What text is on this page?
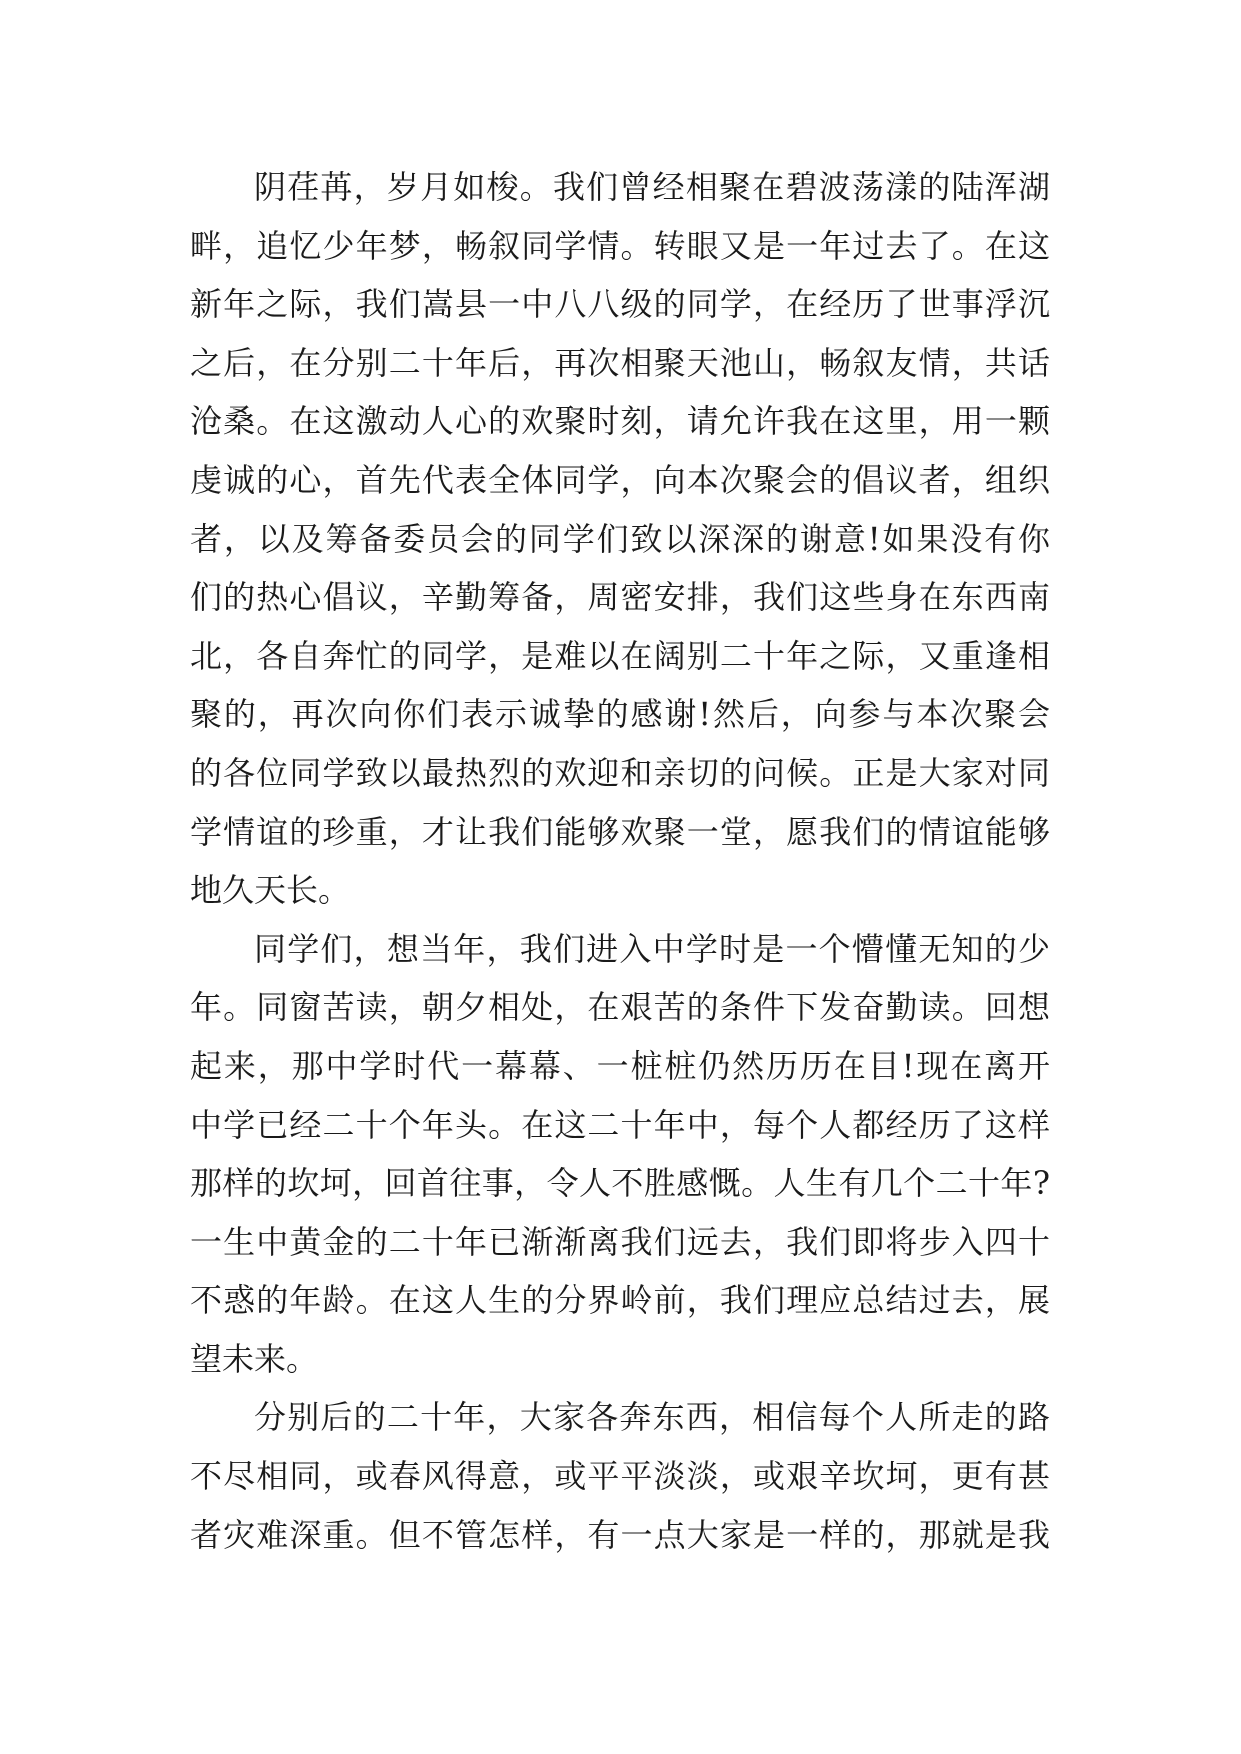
阴荏苒，岁月如梭。我们曾经相聚在碧波荡漾的陆浑湖
畔，追忆少年梦，畅叙同学情。转眼又是一年过去了。在这
新年之际，我们嵩县一中八八级的同学，在经历了世事浮沉
之后，在分别二十年后，再次相聚天池山，畅叙友情，共话
沧桑。在这激动人心的欢聚时刻，请允许我在这里，用一颗
虔诚的心，首先代表全体同学，向本次聚会的倡议者，组织
者，以及筹备委员会的同学们致以深深的谢意!如果没有你
们的热心倡议，辛勤筹备，周密安排，我们这些身在东西南
北，各自奔忙的同学，是难以在阔别二十年之际，又重逢相
聚的，再次向你们表示诚挚的感谢!然后，向参与本次聚会
的各位同学致以最热烈的欢迎和亲切的问候。正是大家对同
学情谊的珍重，才让我们能够欢聚一堂，愿我们的情谊能够
地久天长。
同学们，想当年，我们进入中学时是一个懵懂无知的少
年。同窗苦读，朝夕相处，在艰苦的条件下发奋勤读。回想
起来，那中学时代一幕幕、一桩桩仍然历历在目!现在离开
中学已经二十个年头。在这二十年中，每个人都经历了这样
那样的坎坷，回首往事，令人不胜感慨。人生有几个二十年?
一生中黄金的二十年已渐渐离我们远去，我们即将步入四十
不惑的年龄。在这人生的分界岭前，我们理应总结过去，展
望未来。
分别后的二十年，大家各奔东西，相信每个人所走的路
不尽相同，或春风得意，或平平淡淡，或艰辛坎坷，更有甚
者灾难深重。但不管怎样，有一点大家是一样的，那就是我
